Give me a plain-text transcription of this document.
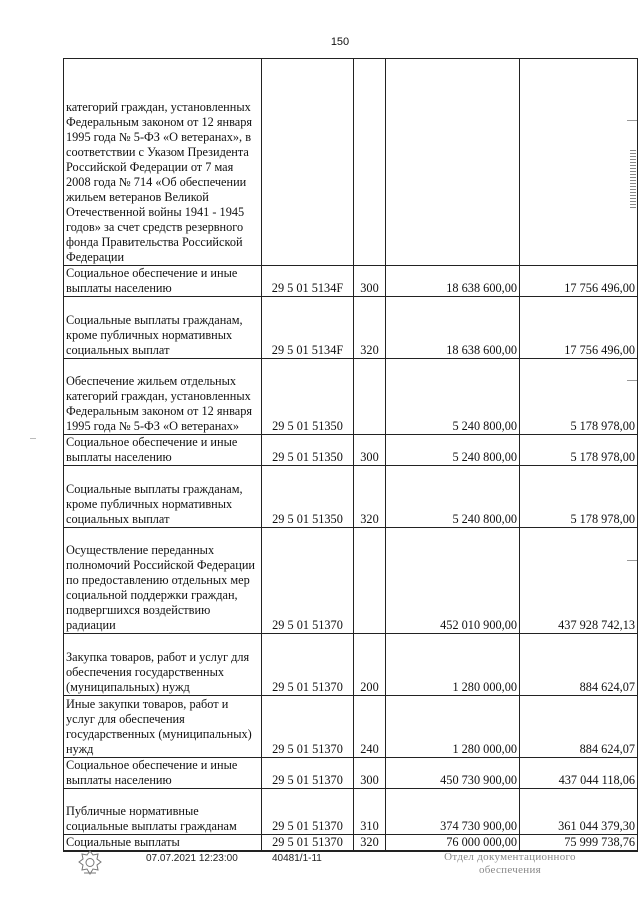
150
категорий граждан, установленных Федеральным законом от 12 января 1995 года № 5-ФЗ «О ветеранах», в соответствии с Указом Президента Российской Федерации от 7 мая 2008 года № 714 «Об обеспечении жильем ветеранов Великой Отечественной войны 1941 - 1945 годов» за счет средств резервного фонда Правительства Российской Федерации				
Социальное обеспечение и иные выплаты населению	29 5 01 5134F	300	18 638 600,00	17 756 496,00
Социальные выплаты гражданам, кроме публичных нормативных социальных выплат	29 5 01 5134F	320	18 638 600,00	17 756 496,00
Обеспечение жильем отдельных категорий граждан, установленных Федеральным законом от 12 января 1995 года № 5-ФЗ «О ветеранах»	29 5 01 51350		5 240 800,00	5 178 978,00
Социальное обеспечение и иные выплаты населению	29 5 01 51350	300	5 240 800,00	5 178 978,00
Социальные выплаты гражданам, кроме публичных нормативных социальных выплат	29 5 01 51350	320	5 240 800,00	5 178 978,00
Осуществление переданных полномочий Российской Федерации по предоставлению отдельных мер социальной поддержки граждан, подвергшихся воздействию радиации	29 5 01 51370		452 010 900,00	437 928 742,13
Закупка товаров, работ и услуг для обеспечения государственных (муниципальных) нужд	29 5 01 51370	200	1 280 000,00	884 624,07
Иные закупки товаров, работ и услуг для обеспечения государственных (муниципальных) нужд	29 5 01 51370	240	1 280 000,00	884 624,07
Социальное обеспечение и иные выплаты населению	29 5 01 51370	300	450 730 900,00	437 044 118,06
Публичные нормативные социальные выплаты гражданам	29 5 01 51370	310	374 730 900,00	361 044 379,30
Социальные выплаты	29 5 01 51370	320	76 000 000,00	75 999 738,76
07.07.2021 12:23:00	40481/1-11	Отдел документационного обеспечения
